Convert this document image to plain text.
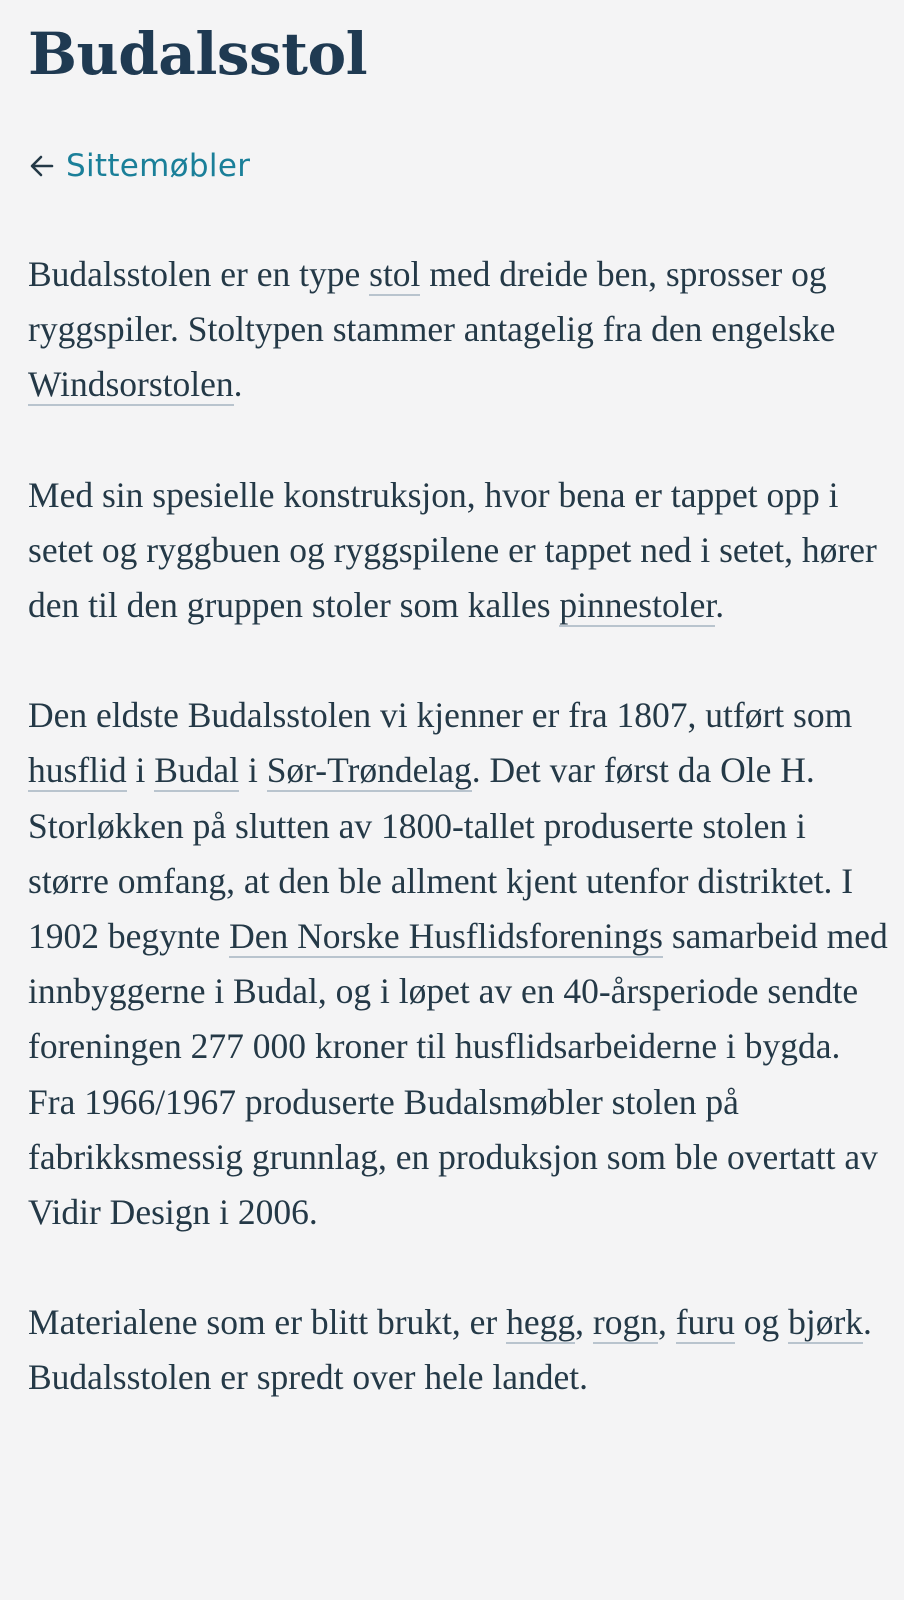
Budalsstol
Sittemøbler

Budalsstolen er en type stol med dreide ben, sprosser og ryggspiler. Stoltypen stammer antagelig fra den engelske Windsorstolen.

Med sin spesielle konstruksjon, hvor bena er tappet opp i setet og ryggbuen og ryggspilene er tappet ned i setet, hører den til den gruppen stoler som kalles pinnestoler.

Den eldste Budalsstolen vi kjenner er fra 1807, utført som husflid i Budal i Sør-Trøndelag. Det var først da Ole H. Storløkken på slutten av 1800-tallet produserte stolen i større omfang, at den ble allment kjent utenfor distriktet. I 1902 begynte Den Norske Husflidsforenings samarbeid med innbyggerne i Budal, og i løpet av en 40-årsperiode sendte foreningen 277 000 kroner til husflidsarbeiderne i bygda. Fra 1966/1967 produserte Budalsmøbler stolen på fabrikksmessig grunnlag, en produksjon som ble overtatt av Vidir Design i 2006.

Materialene som er blitt brukt, er hegg, rogn, furu og bjørk. Budalsstolen er spredt over hele landet.
